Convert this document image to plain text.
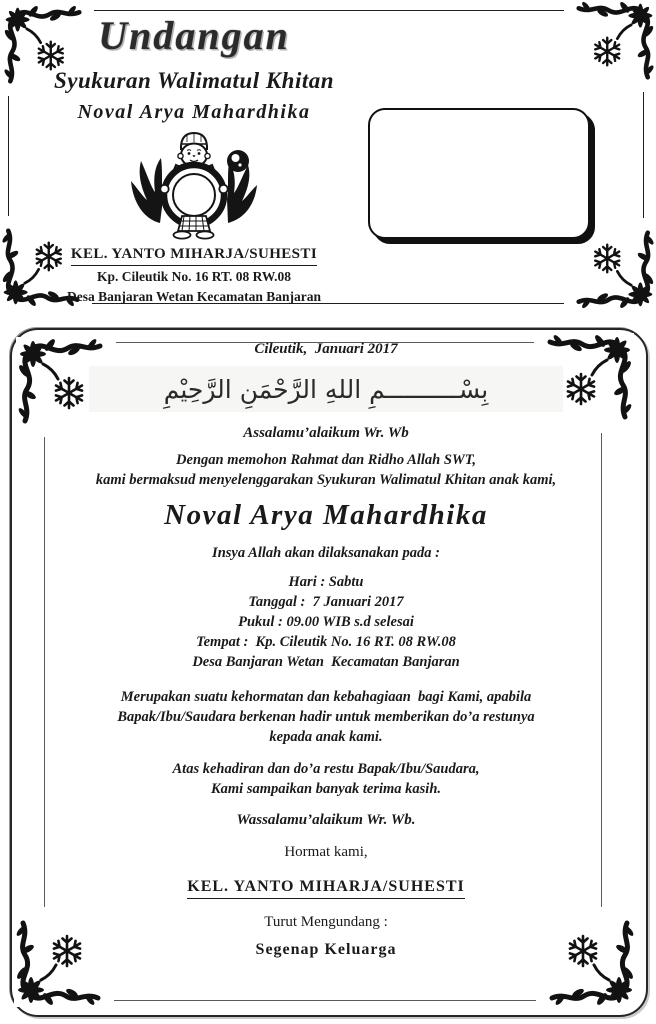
Undangan
Syukuran Walimatul Khitan
Noval Arya Mahardhika
KEL. YANTO MIHARJA/SUHESTI
Kp. Cileutik No. 16 RT. 08 RW.08
Desa Banjaran Wetan Kecamatan Banjaran
Cileutik,  Januari 2017
بِسْــــــــــمِ اللهِ الرَّحْمَنِ الرَّحِيْمِ
Assalamu’alaikum Wr. Wb
Dengan memohon Rahmat dan Ridho Allah SWT,
kami bermaksud menyelenggarakan Syukuran Walimatul Khitan anak kami,
Noval Arya Mahardhika
Insya Allah akan dilaksanakan pada :
Hari : Sabtu
Tanggal :  7 Januari 2017
Pukul : 09.00 WIB s.d selesai
Tempat :  Kp. Cileutik No. 16 RT. 08 RW.08
Desa Banjaran Wetan  Kecamatan Banjaran
Merupakan suatu kehormatan dan kebahagiaan  bagi Kami, apabila
Bapak/Ibu/Saudara berkenan hadir untuk memberikan do’a restunya
kepada anak kami.
Atas kehadiran dan do’a restu Bapak/Ibu/Saudara,
Kami sampaikan banyak terima kasih.
Wassalamu’alaikum Wr. Wb.
Hormat kami,
KEL. YANTO MIHARJA/SUHESTI
Turut Mengundang :
Segenap Keluarga
